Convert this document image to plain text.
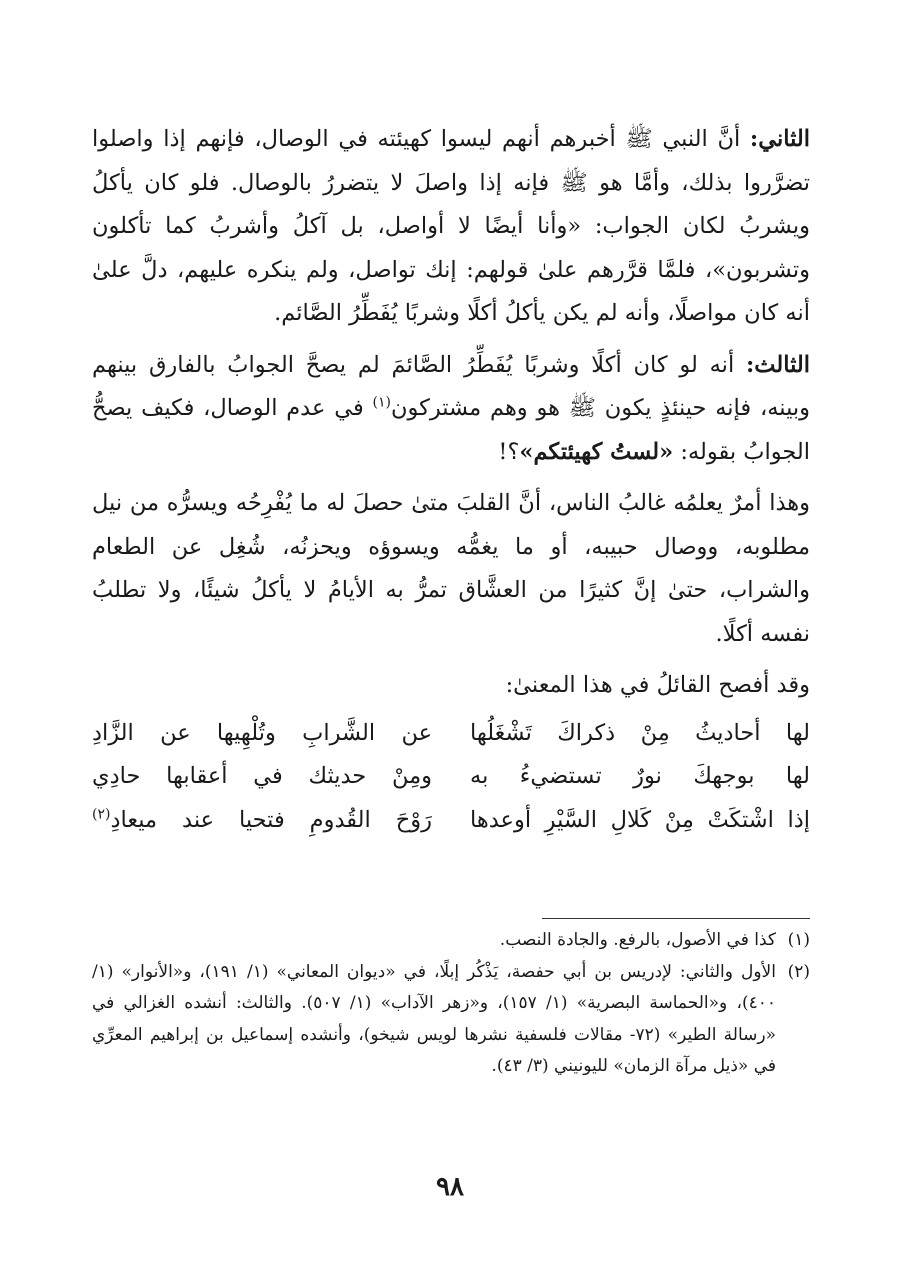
الثاني: أنَّ النبي ﷺ أخبرهم أنهم ليسوا كهيئته في الوصال، فإنهم إذا واصلوا تضرَّروا بذلك، وأمَّا هو ﷺ فإنه إذا واصلَ لا يتضررُ بالوصال. فلو كان يأكلُ ويشربُ لكان الجواب: «وأنا أيضًا لا أواصل، بل آكلُ وأشربُ كما تأكلون وتشربون»، فلمَّا قرَّرهم علىٰ قولهم: إنك تواصل، ولم ينكره عليهم، دلَّ علىٰ أنه كان مواصلًا، وأنه لم يكن يأكلُ أكلًا وشربًا يُفَطِّرُ الصَّائم.

الثالث: أنه لو كان أكلًا وشربًا يُفَطِّرُ الصَّائمَ لم يصحَّ الجوابُ بالفارق بينهم وبينه، فإنه حينئذٍ يكون ﷺ هو وهم مشتركون$^{(١)}$ في عدم الوصال، فكيف يصحُّ الجوابُ بقوله: «لستُ كهيئتكم»؟!

وهذا أمرٌ يعلمُه غالبُ الناس، أنَّ القلبَ متىٰ حصلَ له ما يُفْرِحُه ويسرُّه من نيل مطلوبه، ووصال حبيبه، أو ما يغمُّه ويسوؤه ويحزنُه، شُغِل عن الطعام والشراب، حتىٰ إنَّ كثيرًا من العشَّاق تمرُّ به الأيامُ لا يأكلُ شيئًا، ولا تطلبُ نفسه أكلًا.

وقد أفصح القائلُ في هذا المعنىٰ:

لها أحاديثُ مِنْ ذكراكَ تَشْغَلُها
عن الشَّرابِ وتُلْهِيها عن الزَّادِ
لها بوجهكَ نورٌ تستضيءُ به
ومِنْ حديثك في أعقابها حادِي
إذا اشْتكَتْ مِنْ كَلالِ السَّيْرِ أوعدها
رَوْحَ القُدومِ فتحيا عند ميعادِ$^{(٢)}$

(١)
كذا في الأصول، بالرفع. والجادة النصب.

(٢)
الأول والثاني: لإدريس بن أبي حفصة، يَذْكُر إبلًا، في «ديوان المعاني» (١/ ١٩١)، و«الأنوار» (١/ ٤٠٠)، و«الحماسة البصرية» (١/ ١٥٧)، و«زهر الآداب» (١/ ٥٠٧). والثالث: أنشده الغزالي في «رسالة الطير» (٧٢- مقالات فلسفية نشرها لويس شيخو)، وأنشده إسماعيل بن إبراهيم المعرِّي في «ذيل مرآة الزمان» لليونيني (٣/ ٤٣).

٩٨
